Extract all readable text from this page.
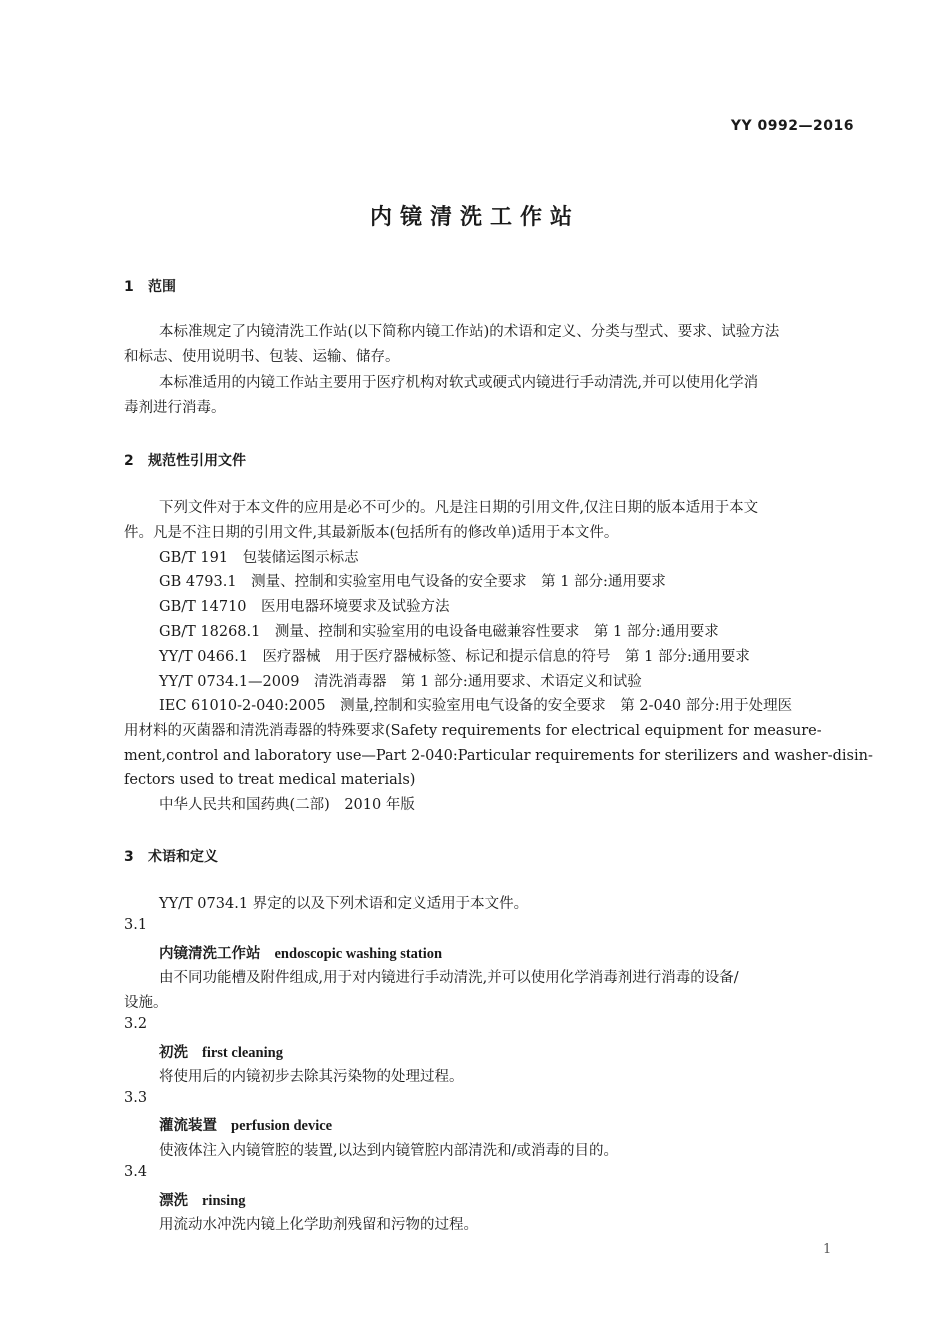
YY 0992—2016
内镜清洗工作站
1 范围
本标准规定了内镜清洗工作站(以下简称内镜工作站)的术语和定义、分类与型式、要求、试验方法
和标志、使用说明书、包装、运输、储存。
本标准适用的内镜工作站主要用于医疗机构对软式或硬式内镜进行手动清洗,并可以使用化学消
毒剂进行消毒。
2 规范性引用文件
下列文件对于本文件的应用是必不可少的。凡是注日期的引用文件,仅注日期的版本适用于本文
件。凡是不注日期的引用文件,其最新版本(包括所有的修改单)适用于本文件。
GB/T 191　包装储运图示标志
GB 4793.1　测量、控制和实验室用电气设备的安全要求　第 1 部分:通用要求
GB/T 14710　医用电器环境要求及试验方法
GB/T 18268.1　测量、控制和实验室用的电设备电磁兼容性要求　第 1 部分:通用要求
YY/T 0466.1　医疗器械　用于医疗器械标签、标记和提示信息的符号　第 1 部分:通用要求
YY/T 0734.1—2009　清洗消毒器　第 1 部分:通用要求、术语定义和试验
IEC 61010-2-040:2005　测量,控制和实验室用电气设备的安全要求　第 2-040 部分:用于处理医
用材料的灭菌器和清洗消毒器的特殊要求(Safety requirements for electrical equipment for measure-
ment,control and laboratory use—Part 2-040:Particular requirements for sterilizers and washer-disin-
fectors used to treat medical materials)
中华人民共和国药典(二部)　2010 年版
3 术语和定义
YY/T 0734.1 界定的以及下列术语和定义适用于本文件。
3.1
内镜清洗工作站 endoscopic washing station
由不同功能槽及附件组成,用于对内镜进行手动清洗,并可以使用化学消毒剂进行消毒的设备/
设施。
3.2
初洗 first cleaning
将使用后的内镜初步去除其污染物的处理过程。
3.3
灌流装置 perfusion device
使液体注入内镜管腔的装置,以达到内镜管腔内部清洗和/或消毒的目的。
3.4
漂洗 rinsing
用流动水冲洗内镜上化学助剂残留和污物的过程。
1
